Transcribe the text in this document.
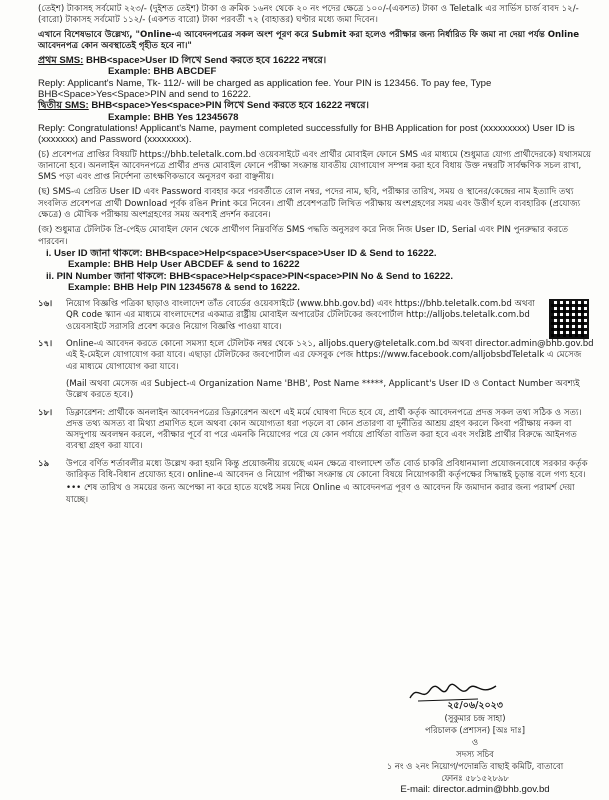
(তেইশ) টাকাসহ সর্বমোট ২২৩/- (দুইশত তেইশ) টাকা ও ক্রমিক ১৬নং থেকে ২০ নং পদের ক্ষেত্রে ১০০/-(একশত) টাকা ও Teletalk এর সার্ভিস চার্জ বাবদ ১২/-(বারো) টাকাসহ সর্বমোট ১১২/- (একশত বারো) টাকা পরবর্তী ৭২ (বাহাত্তর) ঘণ্টার মধ্যে জমা দিবেন।

এখানে বিশেষভাবে উল্লেখ্য, "Online-এ আবেদনপত্রের সকল অংশ পূরণ করে Submit করা হলেও পরীক্ষার জন্য নির্ধারিত ফি জমা না দেয়া পর্যন্ত Online আবেদনপত্র কোন অবস্থাতেই গৃহীত হবে না।"

প্রথম SMS: BHB<space>User ID লিখে Send করতে হবে 16222 নম্বরে।

Example: BHB ABCDEF

Reply: Applicant's Name, Tk- 112/- will be charged as application fee. Your PIN is 123456. To pay fee, Type BHB<Space>Yes<Space>PIN and send to 16222.

দ্বিতীয় SMS: BHB<space>Yes<space>PIN লিখে Send করতে হবে 16222 নম্বরে।

Example: BHB Yes 12345678

Reply: Congratulations! Applicant's Name, payment completed successfully for BHB Application for post (xxxxxxxxx) User ID is (xxxxxxx) and Password (xxxxxxxx).

(চ) প্রবেশপত্র প্রাপ্তির বিষয়টি https://bhb.teletalk.com.bd ওয়েবসাইটে এবং প্রার্থীর মোবাইল ফোনে SMS এর মাধ্যমে (শুধুমাত্র যোগ্য প্রার্থীদেরকে) যথাসময়ে জানানো হবে। অনলাইন আবেদনপত্রে প্রার্থীর প্রদত্ত মোবাইল ফোনে পরীক্ষা সংক্রান্ত যাবতীয় যোগাযোগ সম্পন্ন করা হবে বিধায় উক্ত নম্বরটি সার্বক্ষণিক সচল রাখা, SMS পড়া এবং প্রাপ্ত নির্দেশনা তাৎক্ষণিকভাবে অনুসরণ করা বাঞ্ছনীয়।

(ছ) SMS-এ প্রেরিত User ID এবং Password ব্যবহার করে পরবর্তীতে রোল নম্বর, পদের নাম, ছবি, পরীক্ষার তারিখ, সময় ও স্থানের/কেন্দ্রের নাম ইত্যাদি তথ্য সংবলিত প্রবেশপত্র প্রার্থী Download পূর্বক রঙিন Print করে নিবেন। প্রার্থী প্রবেশপত্রটি লিখিত পরীক্ষায় অংশগ্রহণের সময় এবং উত্তীর্ণ হলে ব্যবহারিক (প্রযোজ্য ক্ষেত্রে) ও মৌখিক পরীক্ষায় অংশগ্রহণের সময় অবশ্যই প্রদর্শন করবেন।

(জ) শুধুমাত্র টেলিটক প্রি-পেইড মোবাইল ফোন থেকে প্রার্থীগণ নিম্নবর্ণিত SMS পদ্ধতি অনুসরণ করে নিজ নিজ User ID, Serial এবং PIN পুনরুদ্ধার করতে পারবেন।

i. User ID জানা থাকলে: BHB<space>Help<space>User<space>User ID & Send to 16222.

Example: BHB Help User ABCDEF & send to 16222

ii. PIN Number জানা থাকলে: BHB<space>Help<space>PIN<space>PIN No & Send to 16222.

Example: BHB Help PIN 12345678 & send to 16222.

১৬। নিয়োগ বিজ্ঞপ্তি পত্রিকা ছাড়াও বাংলাদেশ তাঁত বোর্ডের ওয়েবসাইটে (www.bhb.gov.bd) এবং https://bhb.teletalk.com.bd অথবা QR code স্ক্যান এর মাধ্যমে বাংলাদেশের একমাত্র রাষ্ট্রীয় মোবাইল অপারেটর টেলিটকের জবপোর্টাল http://alljobs.teletalk.com.bd ওয়েবসাইটে সরাসরি প্রবেশ করেও নিয়োগ বিজ্ঞপ্তি পাওয়া যাবে।
১৭। Online-এ আবেদন করতে কোনো সমস্যা হলে টেলিটক নম্বর থেকে ১২১, alljobs.query@teletalk.com.bd অথবা director.admin@bhb.gov.bd এই ই-মেইলে যোগাযোগ করা যাবে। এছাড়া টেলিটকের জবপোর্টাল এর ফেসবুক পেজ https://www.facebook.com/alljobsbdTeletalk এ মেসেজ এর মাধ্যমে যোগাযোগ করা যাবে।
(Mail অথবা মেসেজ এর Subject-এ Organization Name 'BHB', Post Name *****, Applicant's User ID ও Contact Number অবশ্যই উল্লেখ করতে হবে।)
১৮। ডিক্লারেশন: প্রার্থীকে অনলাইন আবেদনপত্রের ডিক্লারেশন অংশে এই মর্মে ঘোষণা দিতে হবে যে, প্রার্থী কর্তৃক আবেদনপত্রে প্রদত্ত সকল তথ্য সঠিক ও সত্য। প্রদত্ত তথ্য অসত্য বা মিথ্যা প্রমাণিত হলে অথবা কোন অযোগ্যতা ধরা পড়লে বা কোন প্রতারণা বা দুর্নীতির আশ্রয় গ্রহণ করলে কিংবা পরীক্ষায় নকল বা অসদুপায় অবলম্বন করলে, পরীক্ষার পূর্বে বা পরে এমনকি নিয়োগের পরে যে কোন পর্যায়ে প্রার্থিতা বাতিল করা হবে এবং সংশ্লিষ্ট প্রার্থীর বিরুদ্ধে আইনগত ব্যবস্থা গ্রহণ করা যাবে।
১৯ উপরে বর্ণিত শর্তাবলীর মধ্যে উল্লেখ করা হয়নি কিন্তু প্রয়োজনীয় রয়েছে এমন ক্ষেত্রে বাংলাদেশ তাঁত বোর্ড চাকরি প্রবিধানমালা প্রযোজনবোধে সরকার কর্তৃক জারিকৃত বিধি-বিধান প্রযোজ্য হবে। online-এ আবেদন ও নিয়োগ পরীক্ষা সংক্রান্ত যে কোনো বিষয়ে নিয়োগকারী কর্তৃপক্ষের সিদ্ধান্তই চূড়ান্ত বলে গণ্য হবে।
••• শেষ তারিখ ও সময়ের জন্য অপেক্ষা না করে হাতে যথেষ্ট সময় নিয়ে Online এ আবেদনপত্র পূরণ ও আবেদন ফি জমাদান করার জন্য পরামর্শ দেয়া যাচ্ছে।
২৫/০৬/২০২৩
(সুকুমার চন্দ্র সাহা)
পরিচালক (প্রশাসন) [অঃ দাঃ]
ও
সদস্য সচিব
১ নং ও ২নং নিয়োগ/পদোন্নতি বাছাই কমিটি, বাতাবো
ফোনঃ ৫৮১৫২৮৯৮
E-mail: director.admin@bhb.gov.bd
